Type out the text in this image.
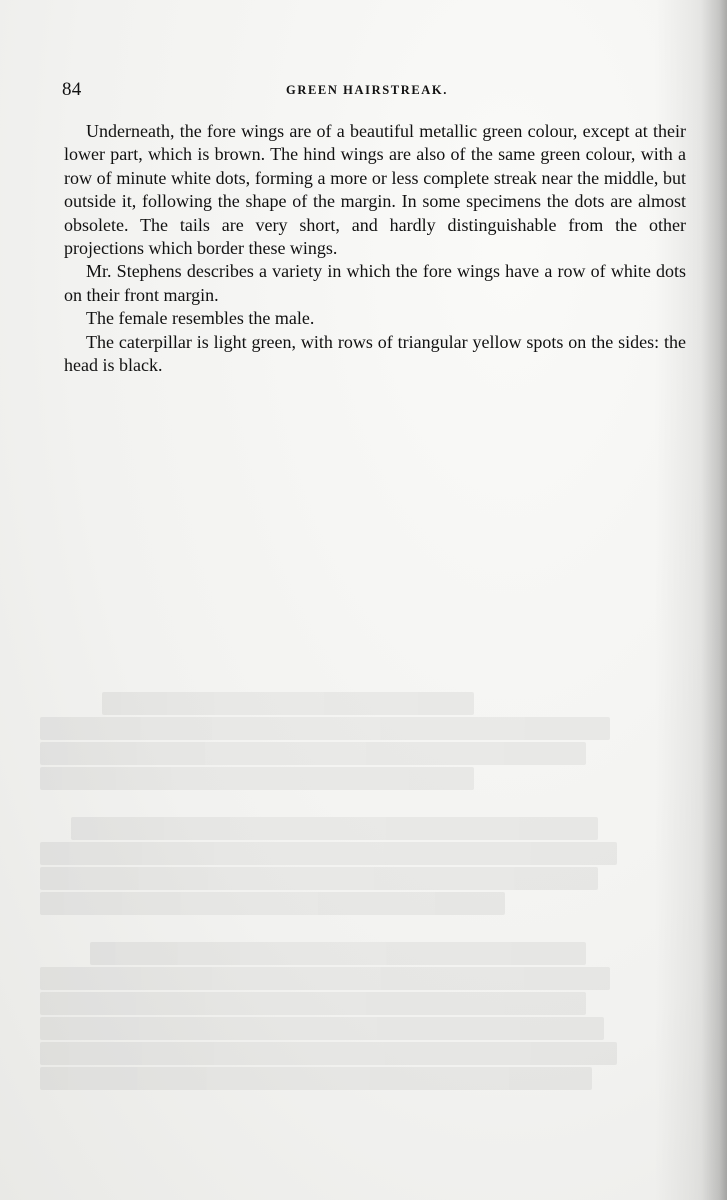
84	GREEN HAIRSTREAK.

Underneath, the fore wings are of a beautiful metallic green colour, except at their lower part, which is brown. The hind wings are also of the same green colour, with a row of minute white dots, forming a more or less complete streak near the middle, but outside it, following the shape of the margin. In some specimens the dots are almost obsolete. The tails are very short, and hardly distinguishable from the other projections which border these wings.

Mr. Stephens describes a variety in which the fore wings have a row of white dots on their front margin.

The female resembles the male.

The caterpillar is light green, with rows of triangular yellow spots on the sides: the head is black.
